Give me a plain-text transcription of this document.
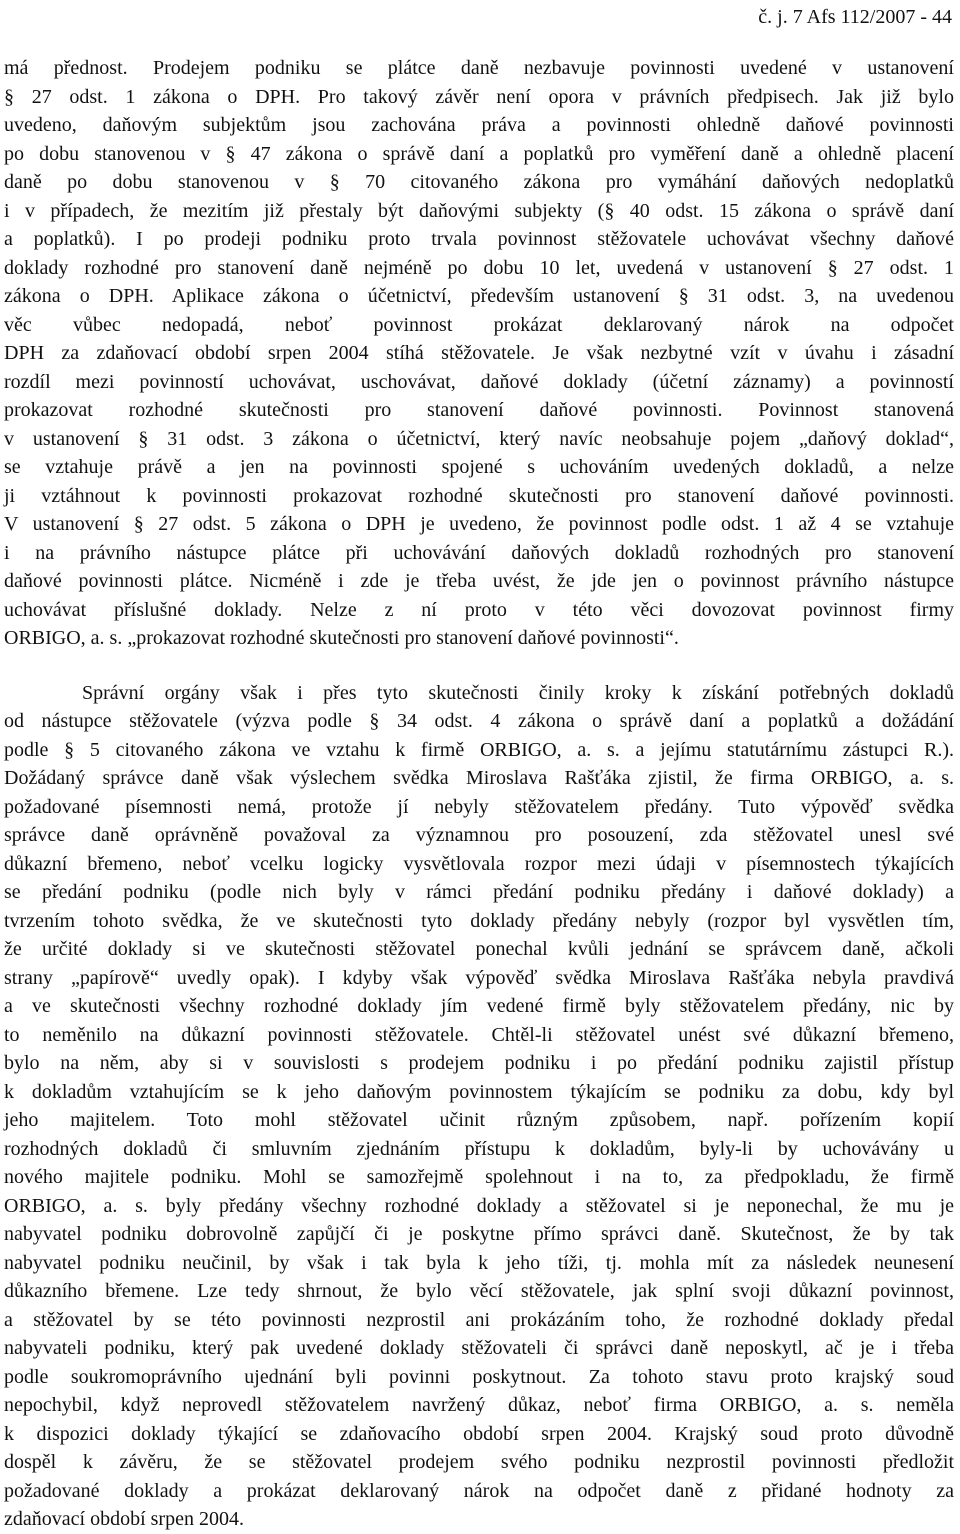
č. j. 7 Afs 112/2007 - 44

má přednost. Prodejem podniku se plátce daně nezbavuje povinnosti uvedené v ustanovení
§ 27 odst. 1 zákona o DPH. Pro takový závěr není opora v právních předpisech. Jak již bylo
uvedeno, daňovým subjektům jsou zachována práva a povinnosti ohledně daňové povinnosti
po dobu stanovenou v § 47 zákona o správě daní a poplatků pro vyměření daně a ohledně placení
daně po dobu stanovenou v § 70 citovaného zákona pro vymáhání daňových nedoplatků
i v případech, že mezitím již přestaly být daňovými subjekty (§ 40 odst. 15 zákona o správě daní
a poplatků). I po prodeji podniku proto trvala povinnost stěžovatele uchovávat všechny daňové
doklady rozhodné pro stanovení daně nejméně po dobu 10 let, uvedená v ustanovení § 27 odst. 1
zákona o DPH. Aplikace zákona o účetnictví, především ustanovení § 31 odst. 3, na uvedenou
věc vůbec nedopadá, neboť povinnost prokázat deklarovaný nárok na odpočet
DPH za zdaňovací období srpen 2004 stíhá stěžovatele. Je však nezbytné vzít v úvahu i zásadní
rozdíl mezi povinností uchovávat, uschovávat, daňové doklady (účetní záznamy) a povinností
prokazovat rozhodné skutečnosti pro stanovení daňové povinnosti. Povinnost stanovená
v ustanovení § 31 odst. 3 zákona o účetnictví, který navíc neobsahuje pojem „daňový doklad“,
se vztahuje právě a jen na povinnosti spojené s uchováním uvedených dokladů, a nelze
ji vztáhnout k povinnosti prokazovat rozhodné skutečnosti pro stanovení daňové povinnosti.
V ustanovení § 27 odst. 5 zákona o DPH je uvedeno, že povinnost podle odst. 1 až 4 se vztahuje
i na právního nástupce plátce při uchovávání daňových dokladů rozhodných pro stanovení
daňové povinnosti plátce. Nicméně i zde je třeba uvést, že jde jen o povinnost právního nástupce
uchovávat příslušné doklady. Nelze z ní proto v této věci dovozovat povinnost firmy
ORBIGO, a. s. „prokazovat rozhodné skutečnosti pro stanovení daňové povinnosti“.

Správní orgány však i přes tyto skutečnosti činily kroky k získání potřebných dokladů
od nástupce stěžovatele (výzva podle § 34 odst. 4 zákona o správě daní a poplatků a dožádání
podle § 5 citovaného zákona ve vztahu k firmě ORBIGO, a. s. a jejímu statutárnímu zástupci R.).
Dožádaný správce daně však výslechem svědka Miroslava Rašťáka zjistil, že firma ORBIGO, a. s.
požadované písemnosti nemá, protože jí nebyly stěžovatelem předány. Tuto výpověď svědka
správce daně oprávněně považoval za významnou pro posouzení, zda stěžovatel unesl své
důkazní břemeno, neboť vcelku logicky vysvětlovala rozpor mezi údaji v písemnostech týkajících
se předání podniku (podle nich byly v rámci předání podniku předány i daňové doklady) a
tvrzením tohoto svědka, že ve skutečnosti tyto doklady předány nebyly (rozpor byl vysvětlen tím,
že určité doklady si ve skutečnosti stěžovatel ponechal kvůli jednání se správcem daně, ačkoli
strany „papírově“ uvedly opak). I kdyby však výpověď svědka Miroslava Rašťáka nebyla pravdivá
a ve skutečnosti všechny rozhodné doklady jím vedené firmě byly stěžovatelem předány, nic by
to neměnilo na důkazní povinnosti stěžovatele. Chtěl-li stěžovatel unést své důkazní břemeno,
bylo na něm, aby si v souvislosti s prodejem podniku i po předání podniku zajistil přístup
k dokladům vztahujícím se k jeho daňovým povinnostem týkajícím se podniku za dobu, kdy byl
jeho majitelem. Toto mohl stěžovatel učinit různým způsobem, např. pořízením kopií
rozhodných dokladů či smluvním zjednáním přístupu k dokladům, byly-li by uchovávány u
nového majitele podniku. Mohl se samozřejmě spolehnout i na to, za předpokladu, že firmě
ORBIGO, a. s. byly předány všechny rozhodné doklady a stěžovatel si je neponechal, že mu je
nabyvatel podniku dobrovolně zapůjčí či je poskytne přímo správci daně. Skutečnost, že by tak
nabyvatel podniku neučinil, by však i tak byla k jeho tíži, tj. mohla mít za následek neunesení
důkazního břemene. Lze tedy shrnout, že bylo věcí stěžovatele, jak splní svoji důkazní povinnost,
a stěžovatel by se této povinnosti nezprostil ani prokázáním toho, že rozhodné doklady předal
nabyvateli podniku, který pak uvedené doklady stěžovateli či správci daně neposkytl, ač je i třeba
podle soukromoprávního ujednání byli povinni poskytnout. Za tohoto stavu proto krajský soud
nepochybil, když neprovedl stěžovatelem navržený důkaz, neboť firma ORBIGO, a. s. neměla
k dispozici doklady týkající se zdaňovacího období srpen 2004. Krajský soud proto důvodně
dospěl k závěru, že se stěžovatel prodejem svého podniku nezprostil povinnosti předložit
požadované doklady a prokázat deklarovaný nárok na odpočet daně z přidané hodnoty za
zdaňovací období srpen 2004.
